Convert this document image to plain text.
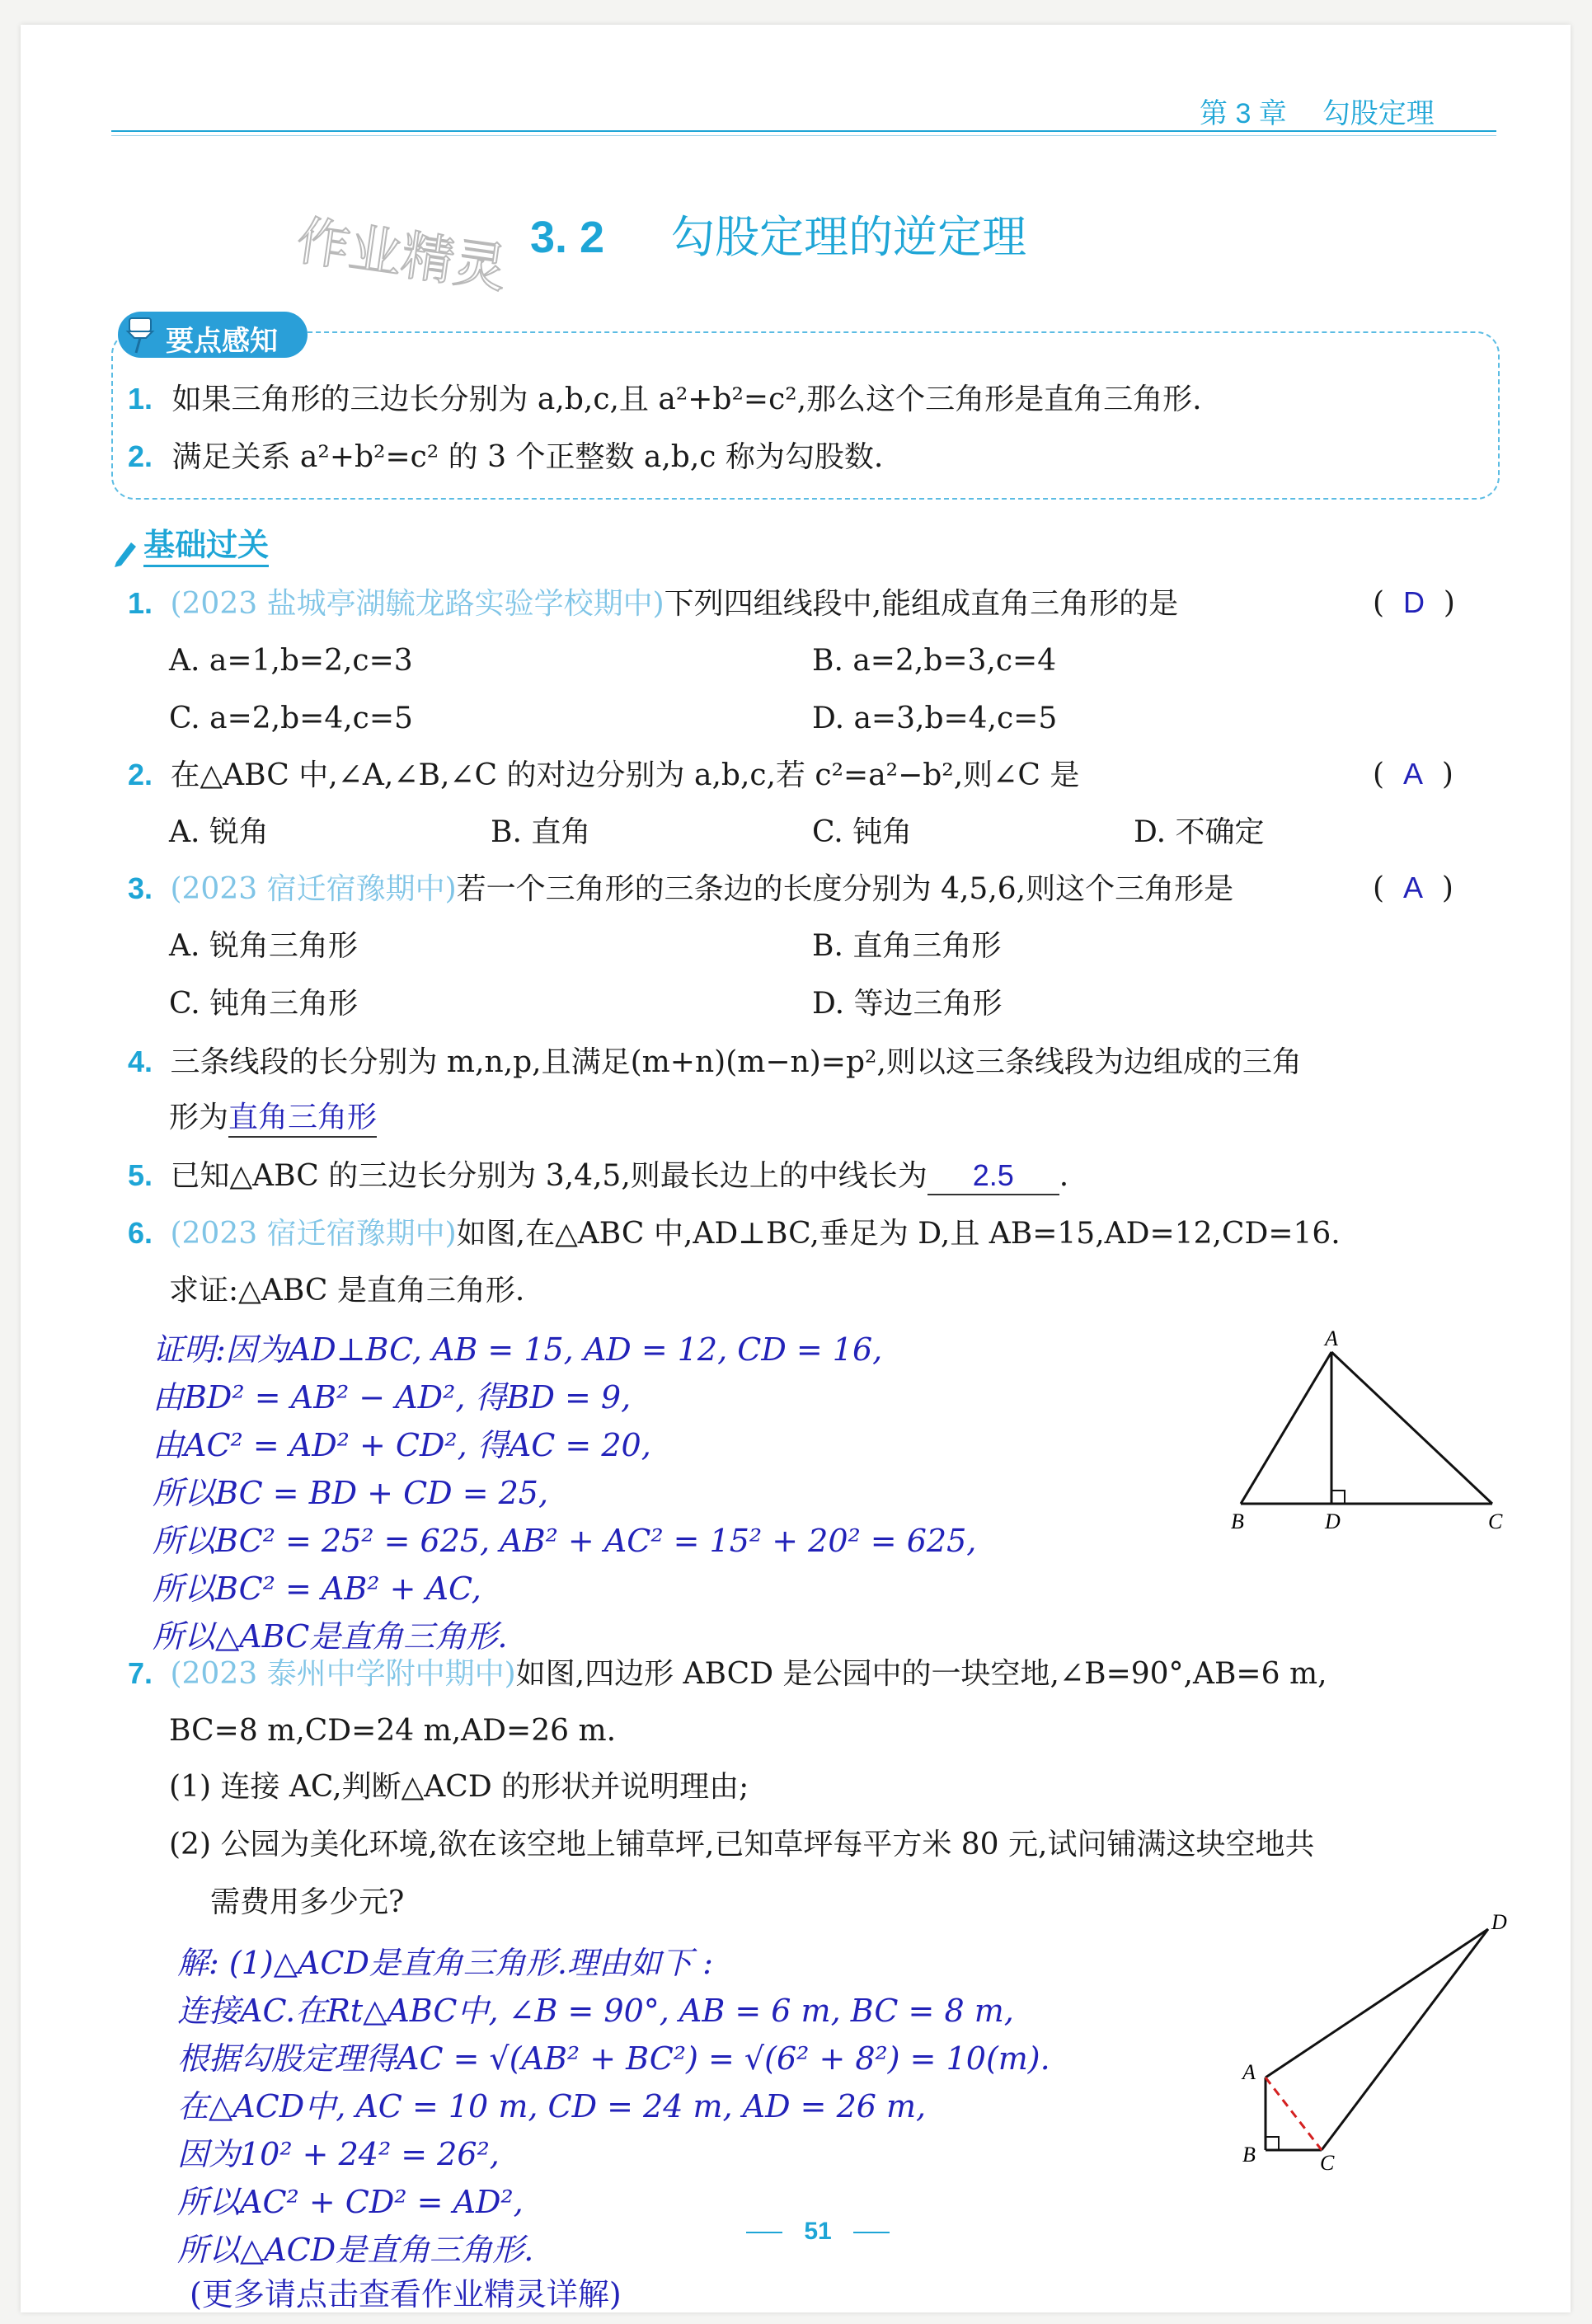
第 3 章 勾股定理
作业精灵 3. 2 勾股定理的逆定理
要点感知
1. 如果三角形的三边长分别为 a,b,c,且 a²+b²=c²,那么这个三角形是直角三角形.
2. 满足关系 a²+b²=c² 的 3 个正整数 a,b,c 称为勾股数.
基础过关
1. (2023 盐城亭湖毓龙路实验学校期中)下列四组线段中,能组成直角三角形的是	(  D  )
A. a=1,b=2,c=3	B. a=2,b=3,c=4
C. a=2,b=4,c=5	D. a=3,b=4,c=5
2. 在△ABC 中,∠A,∠B,∠C 的对边分别为 a,b,c,若 c²=a²−b²,则∠C 是	(  A  )
A. 锐角	B. 直角	C. 钝角	D. 不确定
3. (2023 宿迁宿豫期中)若一个三角形的三条边的长度分别为 4,5,6,则这个三角形是	(  A  )
A. 锐角三角形	B. 直角三角形
C. 钝角三角形	D. 等边三角形
4. 三条线段的长分别为 m,n,p,且满足(m+n)(m−n)=p²,则以这三条线段为边组成的三角
形为直角三角形
5. 已知△ABC 的三边长分别为 3,4,5,则最长边上的中线长为 2.5 .
6. (2023 宿迁宿豫期中)如图,在△ABC 中,AD⊥BC,垂足为 D,且 AB=15,AD=12,CD=16.
求证:△ABC 是直角三角形.
证明:因为AD⊥BC, AB = 15, AD = 12, CD = 16,
由BD² = AB² − AD², 得BD = 9,
由AC² = AD² + CD², 得AC = 20,
所以BC = BD + CD = 25,
所以BC² = 25² = 625, AB² + AC² = 15² + 20² = 625,
所以BC² = AB² + AC,
所以△ABC是直角三角形.
A
B	D	C
7. (2023 泰州中学附中期中)如图,四边形 ABCD 是公园中的一块空地,∠B=90°,AB=6 m,
BC=8 m,CD=24 m,AD=26 m.
(1) 连接 AC,判断△ACD 的形状并说明理由;
(2) 公园为美化环境,欲在该空地上铺草坪,已知草坪每平方米 80 元,试问铺满这块空地共
需费用多少元?
解: (1)△ACD是直角三角形.理由如下 :
连接AC.在Rt△ABC中, ∠B = 90°, AB = 6 m, BC = 8 m,
根据勾股定理得AC = √(AB² + BC²) = √(6² + 8²) = 10(m).
在△ACD中, AC = 10 m, CD = 24 m, AD = 26 m,
因为10² + 24² = 26²,
所以AC² + CD² = AD²,
所以△ACD是直角三角形.
(更多请点击查看作业精灵详解)
D
A
B	C
51
